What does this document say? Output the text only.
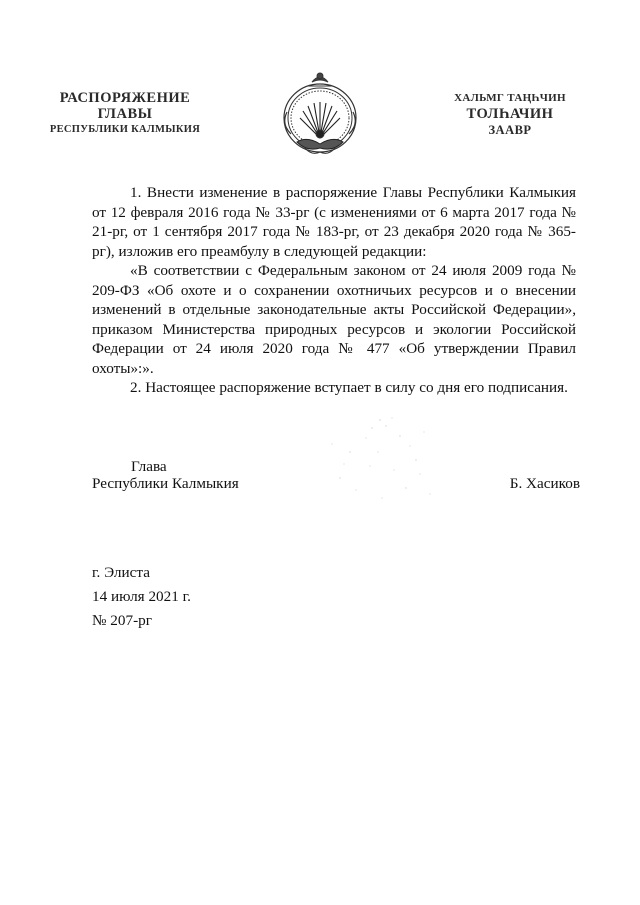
РАСПОРЯЖЕНИЕ
ГЛАВЫ
РЕСПУБЛИКИ КАЛМЫКИЯ
ХАЛЬМГ ТАҢҺЧИН
ТОЛҺАЧИН
ЗААВР

1. Внести изменение в распоряжение Главы Республики Калмыкия от 12 февраля 2016 года № 33-рг (с изменениями от 6 марта 2017 года № 21-рг, от 1 сентября 2017 года № 183-рг, от 23 декабря 2020 года № 365-рг), изложив его преамбулу в следующей редакции:

«В соответствии с Федеральным законом от 24 июля 2009 года № 209-ФЗ «Об охоте и о сохранении охотничьих ресурсов и о внесении изменений в отдельные законодательные акты Российской Федерации», приказом Министерства природных ресурсов и экологии Российской Федерации от 24 июля 2020 года № 477 «Об утверждении Правил охоты»:».

2. Настоящее распоряжение вступает в силу со дня его подписания.

Глава
Республики Калмыкия	Б. Хасиков
г. Элиста
14 июля 2021 г.
№ 207-рг
